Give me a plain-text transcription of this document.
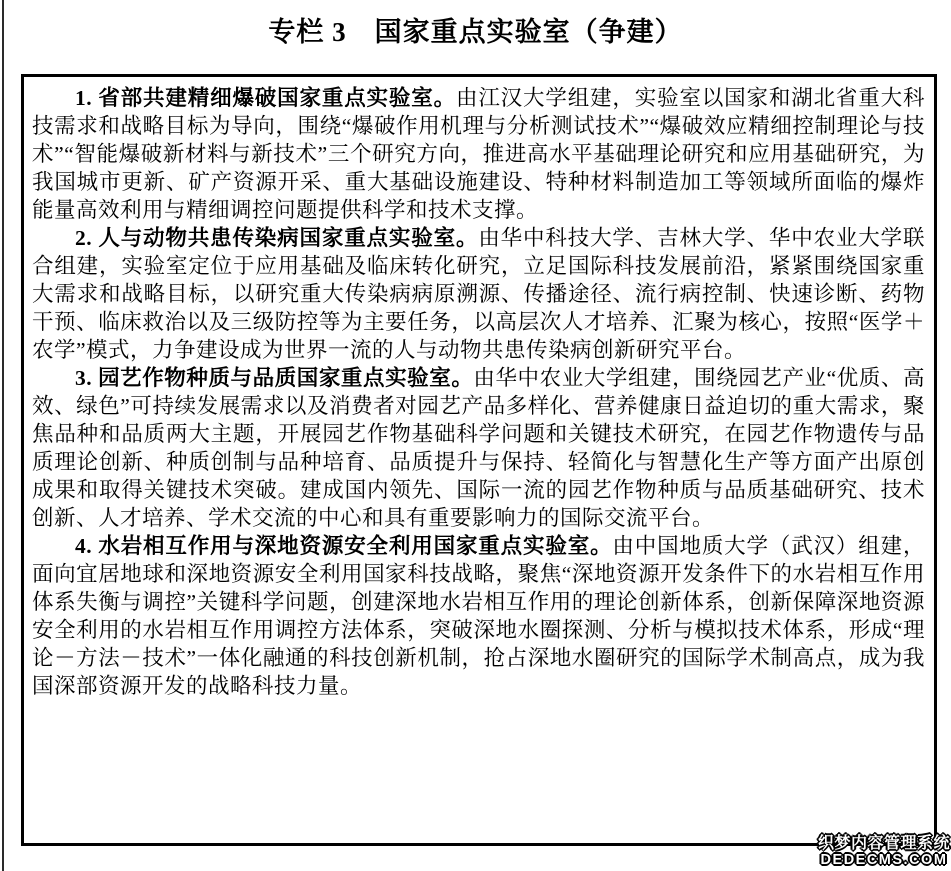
专栏 3　国家重点实验室（争建）

1. 省部共建精细爆破国家重点实验室。由江汉大学组建，实验室以国家和湖北省重大科技需求和战略目标为导向，围绕“爆破作用机理与分析测试技术”“爆破效应精细控制理论与技术”“智能爆破新材料与新技术”三个研究方向，推进高水平基础理论研究和应用基础研究，为我国城市更新、矿产资源开采、重大基础设施建设、特种材料制造加工等领域所面临的爆炸能量高效利用与精细调控问题提供科学和技术支撑。

2. 人与动物共患传染病国家重点实验室。由华中科技大学、吉林大学、华中农业大学联合组建，实验室定位于应用基础及临床转化研究，立足国际科技发展前沿，紧紧围绕国家重大需求和战略目标，以研究重大传染病病原溯源、传播途径、流行病控制、快速诊断、药物干预、临床救治以及三级防控等为主要任务，以高层次人才培养、汇聚为核心，按照“医学＋农学”模式，力争建设成为世界一流的人与动物共患传染病创新研究平台。

3. 园艺作物种质与品质国家重点实验室。由华中农业大学组建，围绕园艺产业“优质、高效、绿色”可持续发展需求以及消费者对园艺产品多样化、营养健康日益迫切的重大需求，聚焦品种和品质两大主题，开展园艺作物基础科学问题和关键技术研究，在园艺作物遗传与品质理论创新、种质创制与品种培育、品质提升与保持、轻简化与智慧化生产等方面产出原创成果和取得关键技术突破。建成国内领先、国际一流的园艺作物种质与品质基础研究、技术创新、人才培养、学术交流的中心和具有重要影响力的国际交流平台。

4. 水岩相互作用与深地资源安全利用国家重点实验室。由中国地质大学（武汉）组建，面向宜居地球和深地资源安全利用国家科技战略，聚焦“深地资源开发条件下的水岩相互作用体系失衡与调控”关键科学问题，创建深地水岩相互作用的理论创新体系，创新保障深地资源安全利用的水岩相互作用调控方法体系，突破深地水圈探测、分析与模拟技术体系，形成“理论－方法－技术”一体化融通的科技创新机制，抢占深地水圈研究的国际学术制高点，成为我国深部资源开发的战略科技力量。

织梦内容管理系统
DEDECMS.COM
